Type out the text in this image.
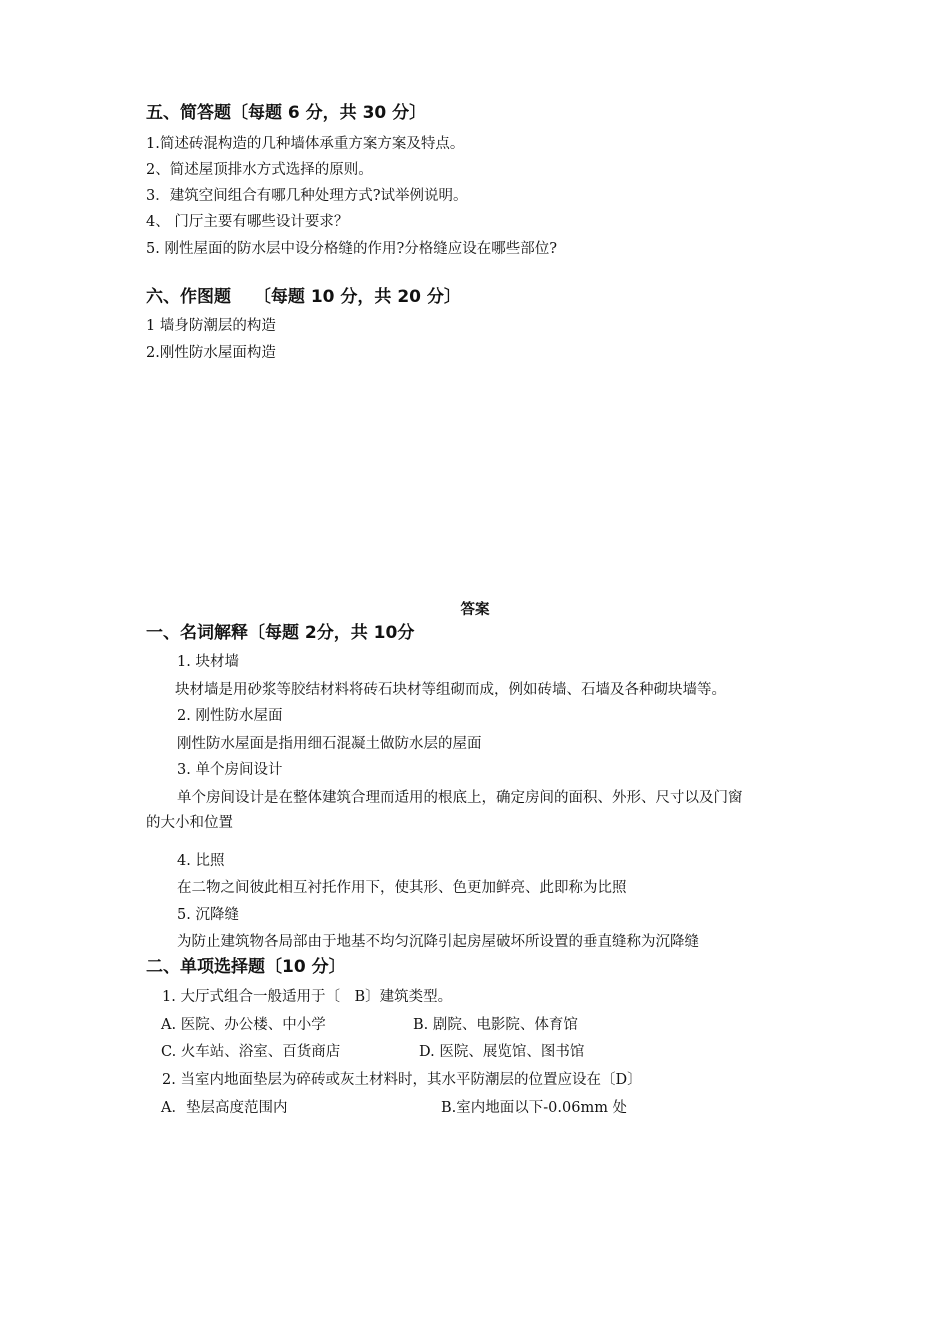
五、简答题〔每题 6 分，共 30 分〕
1.简述砖混构造的几种墙体承重方案方案及特点。
2、简述屋顶排水方式选择的原则。
3．建筑空间组合有哪几种处理方式?试举例说明。
4、 门厅主要有哪些设计要求？
5. 刚性屋面的防水层中设分格缝的作用?分格缝应设在哪些部位?
六、作图题　 〔每题 10 分，共 20 分〕
1 墙身防潮层的构造
2.刚性防水屋面构造
答案
一、名词解释〔每题 2分，共 10分
1. 块材墙
块材墙是用砂浆等胶结材料将砖石块材等组砌而成，例如砖墙、石墙及各种砌块墙等。
2. 刚性防水屋面
刚性防水屋面是指用细石混凝土做防水层的屋面
3. 单个房间设计
单个房间设计是在整体建筑合理而适用的根底上，确定房间的面积、外形、尺寸以及门窗
的大小和位置
4. 比照
在二物之间彼此相互衬托作用下，使其形、色更加鲜亮、此即称为比照
5. 沉降缝
为防止建筑物各局部由于地基不均匀沉降引起房屋破坏所设置的垂直缝称为沉降缝
二、单项选择题〔10 分〕
1. 大厅式组合一般适用于〔　B〕建筑类型。
A. 医院、办公楼、中小学	B. 剧院、电影院、体育馆
C. 火车站、浴室、百货商店	D. 医院、展览馆、图书馆
2. 当室内地面垫层为碎砖或灰土材料时，其水平防潮层的位置应设在〔D〕
A．垫层高度范围内	B.室内地面以下-0.06mm 处
